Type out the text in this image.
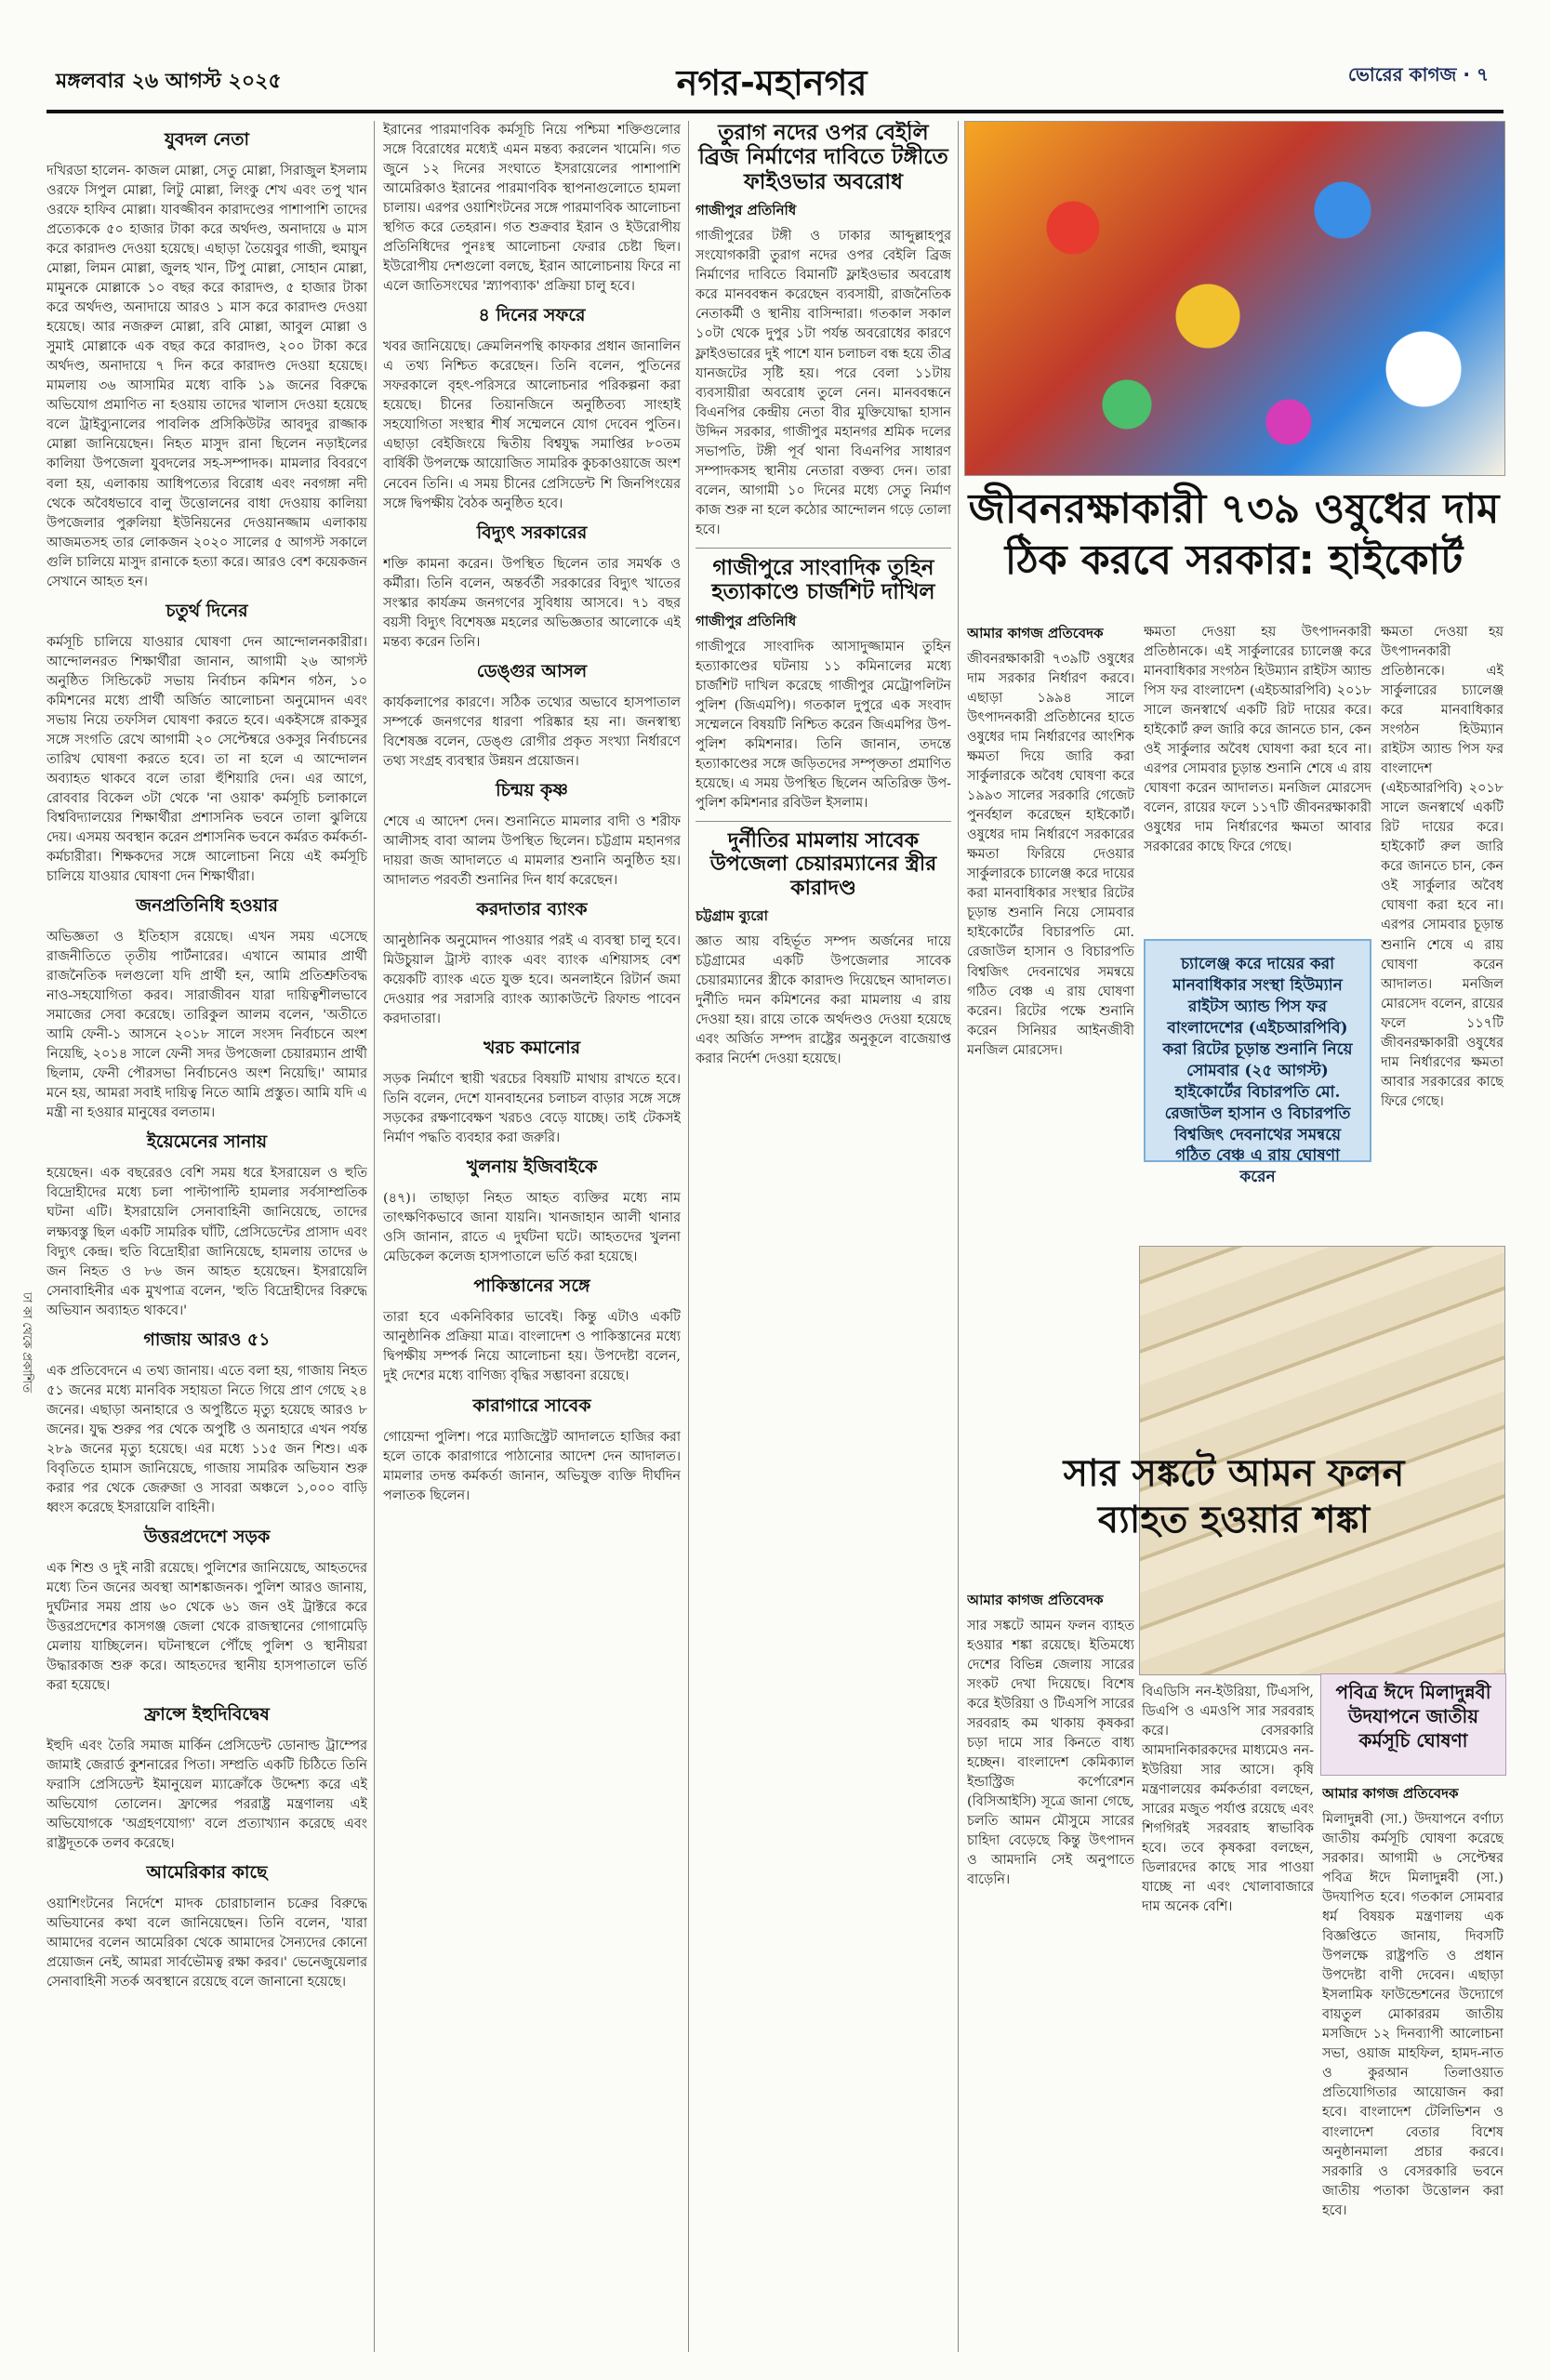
মঙ্গলবার ২৬ আগস্ট ২০২৫	নগর-মহানগর	ভোরের কাগজ · ৭
ঢা কা থেকে প্রকাশিত
যুবদল নেতা

দখিরডা হালেন- কাজল মোল্লা, সেতু মোল্লা, সিরাজুল ইসলাম ওরফে সিপুল মোল্লা, লিটু মোল্লা, লিংকু শেখ এবং তপু খান ওরফে হাফিব মোল্লা। যাবজ্জীবন কারাদণ্ডের পাশাপাশি তাদের প্রত্যেককে ৫০ হাজার টাকা করে অর্থদণ্ড, অনাদায়ে ৬ মাস করে কারাদণ্ড দেওয়া হয়েছে। এছাড়া তৈয়েবুর গাজী, হুমায়ুন মোল্লা, লিমন মোল্লা, জুলহ খান, টিপু মোল্লা, সোহান মোল্লা, মামুনকে মোল্লাকে ১০ বছর করে কারাদণ্ড, ৫ হাজার টাকা করে অর্থদণ্ড, অনাদায়ে আরও ১ মাস করে কারাদণ্ড দেওয়া হয়েছে। আর নজরুল মোল্লা, রবি মোল্লা, আবুল মোল্লা ও সুমাই মোল্লাকে এক বছর করে কারাদণ্ড, ২০০ টাকা করে অর্থদণ্ড, অনাদায়ে ৭ দিন করে কারাদণ্ড দেওয়া হয়েছে। মামলায় ৩৬ আসামির মধ্যে বাকি ১৯ জনের বিরুদ্ধে অভিযোগ প্রমাণিত না হওয়ায় তাদের খালাস দেওয়া হয়েছে বলে ট্রাইব্যুনালের পাবলিক প্রসিকিউটর আবদুর রাজ্জাক মোল্লা জানিয়েছেন। নিহত মাসুদ রানা ছিলেন নড়াইলের কালিয়া উপজেলা যুবদলের সহ-সম্পাদক। মামলার বিবরণে বলা হয়, এলাকায় আধিপত্যের বিরোধ এবং নবগঙ্গা নদী থেকে অবৈধভাবে বালু উত্তোলনের বাধা দেওয়ায় কালিয়া উপজেলার পুরুলিয়া ইউনিয়নের দেওয়ানজ্জাম এলাকায় আজমতসহ তার লোকজন ২০২০ সালের ৫ আগস্ট সকালে গুলি চালিয়ে মাসুদ রানাকে হত্যা করে। আরও বেশ কয়েকজন সেখানে আহত হন।

চতুর্থ দিনের

কর্মসূচি চালিয়ে যাওয়ার ঘোষণা দেন আন্দোলনকারীরা। আন্দোলনরত শিক্ষার্থীরা জানান, আগামী ২৬ আগস্ট অনুষ্ঠিত সিন্ডিকেট সভায় নির্বাচন কমিশন গঠন, ১০ কমিশনের মধ্যে প্রার্থী অর্জিত আলোচনা অনুমোদন এবং সভায় নিয়ে তফসিল ঘোষণা করতে হবে। একইসঙ্গে রাকসুর সঙ্গে সংগতি রেখে আগামী ২০ সেপ্টেম্বরে ওকসুর নির্বাচনের তারিখ ঘোষণা করতে হবে। তা না হলে এ আন্দোলন অব্যাহত থাকবে বলে তারা হুঁশিয়ারি দেন। এর আগে, রোববার বিকেল ৩টা থেকে 'না ওয়াক' কর্মসূচি চলাকালে বিশ্ববিদ্যালয়ের শিক্ষার্থীরা প্রশাসনিক ভবনে তালা ঝুলিয়ে দেয়। এসময় অবস্থান করেন প্রশাসনিক ভবনে কর্মরত কর্মকর্তা-কর্মচারীরা। শিক্ষকদের সঙ্গে আলোচনা নিয়ে এই কর্মসূচি চালিয়ে যাওয়ার ঘোষণা দেন শিক্ষার্থীরা।

জনপ্রতিনিধি হওয়ার

অভিজ্ঞতা ও ইতিহাস রয়েছে। এখন সময় এসেছে রাজনীতিতে তৃতীয় পার্টনারের। এখানে আমার প্রার্থী রাজনৈতিক দলগুলো যদি প্রার্থী হন, আমি প্রতিশ্রুতিবদ্ধ নাও-সহযোগিতা করব। সারাজীবন যারা দায়িত্বশীলভাবে সমাজের সেবা করেছে। তারিকুল আলম বলেন, 'অতীতে আমি ফেনী-১ আসনে ২০১৮ সালে সংসদ নির্বাচনে অংশ নিয়েছি, ২০১৪ সালে ফেনী সদর উপজেলা চেয়ারম্যান প্রার্থী ছিলাম, ফেনী পৌরসভা নির্বাচনেও অংশ নিয়েছি।' আমার মনে হয়, আমরা সবাই দায়িত্ব নিতে আমি প্রস্তুত। আমি যদি এ মন্ত্রী না হওয়ার মানুষের বলতাম।

ইয়েমেনের সানায়

হয়েছেন। এক বছরেরও বেশি সময় ধরে ইসরায়েল ও হুতি বিদ্রোহীদের মধ্যে চলা পাল্টাপাল্টি হামলার সর্বসাম্প্রতিক ঘটনা এটি। ইসরায়েলি সেনাবাহিনী জানিয়েছে, তাদের লক্ষ্যবস্তু ছিল একটি সামরিক ঘাঁটি, প্রেসিডেন্টের প্রাসাদ এবং বিদ্যুৎ কেন্দ্র। হুতি বিদ্রোহীরা জানিয়েছে, হামলায় তাদের ৬ জন নিহত ও ৮৬ জন আহত হয়েছেন। ইসরায়েলি সেনাবাহিনীর এক মুখপাত্র বলেন, 'হুতি বিদ্রোহীদের বিরুদ্ধে অভিযান অব্যাহত থাকবে।'

গাজায় আরও ৫১

এক প্রতিবেদনে এ তথ্য জানায়। এতে বলা হয়, গাজায় নিহত ৫১ জনের মধ্যে মানবিক সহায়তা নিতে গিয়ে প্রাণ গেছে ২৪ জনের। এছাড়া অনাহারে ও অপুষ্টিতে মৃত্যু হয়েছে আরও ৮ জনের। যুদ্ধ শুরুর পর থেকে অপুষ্টি ও অনাহারে এখন পর্যন্ত ২৮৯ জনের মৃত্যু হয়েছে। এর মধ্যে ১১৫ জন শিশু। এক বিবৃতিতে হামাস জানিয়েছে, গাজায় সামরিক অভিযান শুরু করার পর থেকে জেরুজা ও সাবরা অঞ্চলে ১,০০০ বাড়ি ধ্বংস করেছে ইসরায়েলি বাহিনী।

উত্তরপ্রদেশে সড়ক

এক শিশু ও দুই নারী রয়েছে। পুলিশের জানিয়েছে, আহতদের মধ্যে তিন জনের অবস্থা আশঙ্কাজনক। পুলিশ আরও জানায়, দুর্ঘটনার সময় প্রায় ৬০ থেকে ৬১ জন ওই ট্রাক্টরে করে উত্তরপ্রদেশের কাসগঞ্জ জেলা থেকে রাজস্থানের গোগামেড়ি মেলায় যাচ্ছিলেন। ঘটনাস্থলে পৌঁছে পুলিশ ও স্থানীয়রা উদ্ধারকাজ শুরু করে। আহতদের স্থানীয় হাসপাতালে ভর্তি করা হয়েছে।

ফ্রান্সে ইহুদিবিদ্বেষ

ইহুদি এবং তৈরি সমাজ মার্কিন প্রেসিডেন্ট ডোনাল্ড ট্রাম্পের জামাই জেরার্ড কুশনারের পিতা। সম্প্রতি একটি চিঠিতে তিনি ফরাসি প্রেসিডেন্ট ইমানুয়েল ম্যাক্রোঁকে উদ্দেশ্য করে এই অভিযোগ তোলেন। ফ্রান্সের পররাষ্ট্র মন্ত্রণালয় এই অভিযোগকে 'অগ্রহণযোগ্য' বলে প্রত্যাখ্যান করেছে এবং রাষ্ট্রদূতকে তলব করেছে।

আমেরিকার কাছে

ওয়াশিংটনের নির্দেশে মাদক চোরাচালান চক্রের বিরুদ্ধে অভিযানের কথা বলে জানিয়েছেন। তিনি বলেন, 'যারা আমাদের বলেন আমেরিকা থেকে আমাদের সৈন্যদের কোনো প্রয়োজন নেই, আমরা সার্বভৌমত্ব রক্ষা করব।' ভেনেজুয়েলার সেনাবাহিনী সতর্ক অবস্থানে রয়েছে বলে জানানো হয়েছে।

ইরানের পারমাণবিক কর্মসূচি নিয়ে পশ্চিমা শক্তিগুলোর সঙ্গে বিরোধের মধ্যেই এমন মন্তব্য করলেন খামেনি। গত জুনে ১২ দিনের সংঘাতে ইসরায়েলের পাশাপাশি আমেরিকাও ইরানের পারমাণবিক স্থাপনাগুলোতে হামলা চালায়। এরপর ওয়াশিংটনের সঙ্গে পারমাণবিক আলোচনা স্থগিত করে তেহরান। গত শুক্রবার ইরান ও ইউরোপীয় প্রতিনিধিদের পুনঃস্থ আলোচনা ফেরার চেষ্টা ছিল। ইউরোপীয় দেশগুলো বলছে, ইরান আলোচনায় ফিরে না এলে জাতিসংঘের 'স্ন্যাপব্যাক' প্রক্রিয়া চালু হবে।

৪ দিনের সফরে

খবর জানিয়েছে। ক্রেমলিনপন্থি কাফকার প্রধান জানালিন এ তথ্য নিশ্চিত করেছেন। তিনি বলেন, পুতিনের সফরকালে বৃহৎ-পরিসরে আলোচনার পরিকল্পনা করা হয়েছে। চীনের তিয়ানজিনে অনুষ্ঠিতব্য সাংহাই সহযোগিতা সংস্থার শীর্ষ সম্মেলনে যোগ দেবেন পুতিন। এছাড়া বেইজিংয়ে দ্বিতীয় বিশ্বযুদ্ধ সমাপ্তির ৮০তম বার্ষিকী উপলক্ষে আয়োজিত সামরিক কুচকাওয়াজে অংশ নেবেন তিনি। এ সময় চীনের প্রেসিডেন্ট শি জিনপিংয়ের সঙ্গে দ্বিপক্ষীয় বৈঠক অনুষ্ঠিত হবে।

বিদ্যুৎ সরকারের

শক্তি কামনা করেন। উপস্থিত ছিলেন তার সমর্থক ও কর্মীরা। তিনি বলেন, অন্তর্বর্তী সরকারের বিদ্যুৎ খাতের সংস্কার কার্যক্রম জনগণের সুবিধায় আসবে। ৭১ বছর বয়সী বিদ্যুৎ বিশেষজ্ঞ মহলের অভিজ্ঞতার আলোকে এই মন্তব্য করেন তিনি।

ডেঙ্গুর আসল

কার্যকলাপের কারণে। সঠিক তথ্যের অভাবে হাসপাতাল সম্পর্কে জনগণের ধারণা পরিষ্কার হয় না। জনস্বাস্থ্য বিশেষজ্ঞ বলেন, ডেঙ্গু রোগীর প্রকৃত সংখ্যা নির্ধারণে তথ্য সংগ্রহ ব্যবস্থার উন্নয়ন প্রয়োজন।

চিন্ময় কৃষ্ণ

শেষে এ আদেশ দেন। শুনানিতে মামলার বাদী ও শরীফ আলীসহ বাবা আলম উপস্থিত ছিলেন। চট্টগ্রাম মহানগর দায়রা জজ আদালতে এ মামলার শুনানি অনুষ্ঠিত হয়। আদালত পরবর্তী শুনানির দিন ধার্য করেছেন।

করদাতার ব্যাংক

আনুষ্ঠানিক অনুমোদন পাওয়ার পরই এ ব্যবস্থা চালু হবে। মিউচুয়াল ট্রাস্ট ব্যাংক এবং ব্যাংক এশিয়াসহ বেশ কয়েকটি ব্যাংক এতে যুক্ত হবে। অনলাইনে রিটার্ন জমা দেওয়ার পর সরাসরি ব্যাংক অ্যাকাউন্টে রিফান্ড পাবেন করদাতারা।

খরচ কমানোর

সড়ক নির্মাণে স্থায়ী খরচের বিষয়টি মাথায় রাখতে হবে। তিনি বলেন, দেশে যানবাহনের চলাচল বাড়ার সঙ্গে সঙ্গে সড়কের রক্ষণাবেক্ষণ খরচও বেড়ে যাচ্ছে। তাই টেকসই নির্মাণ পদ্ধতি ব্যবহার করা জরুরি।

খুলনায় ইজিবাইকে

(৪৭)। তাছাড়া নিহত আহত ব্যক্তির মধ্যে নাম তাৎক্ষণিকভাবে জানা যায়নি। খানজাহান আলী থানার ওসি জানান, রাতে এ দুর্ঘটনা ঘটে। আহতদের খুলনা মেডিকেল কলেজ হাসপাতালে ভর্তি করা হয়েছে।

পাকিস্তানের সঙ্গে

তারা হবে একনিবিকার ভাবেই। কিন্তু এটাও একটি আনুষ্ঠানিক প্রক্রিয়া মাত্র। বাংলাদেশ ও পাকিস্তানের মধ্যে দ্বিপক্ষীয় সম্পর্ক নিয়ে আলোচনা হয়। উপদেষ্টা বলেন, দুই দেশের মধ্যে বাণিজ্য বৃদ্ধির সম্ভাবনা রয়েছে।

কারাগারে সাবেক

গোয়েন্দা পুলিশ। পরে ম্যাজিস্ট্রেট আদালতে হাজির করা হলে তাকে কারাগারে পাঠানোর আদেশ দেন আদালত। মামলার তদন্ত কর্মকর্তা জানান, অভিযুক্ত ব্যক্তি দীর্ঘদিন পলাতক ছিলেন।

তুরাগ নদের ওপর বেইলি ব্রিজ নির্মাণের দাবিতে টঙ্গীতে ফাইওভার অবরোধ
গাজীপুর প্রতিনিধি

গাজীপুরের টঙ্গী ও ঢাকার আব্দুল্লাহপুর সংযোগকারী তুরাগ নদের ওপর বেইলি ব্রিজ নির্মাণের দাবিতে বিমানটি ফ্লাইওভার অবরোধ করে মানববন্ধন করেছেন ব্যবসায়ী, রাজনৈতিক নেতাকর্মী ও স্থানীয় বাসিন্দারা। গতকাল সকাল ১০টা থেকে দুপুর ১টা পর্যন্ত অবরোধের কারণে ফ্লাইওভারের দুই পাশে যান চলাচল বন্ধ হয়ে তীব্র যানজটের সৃষ্টি হয়। পরে বেলা ১১টায় ব্যবসায়ীরা অবরোধ তুলে নেন। মানববন্ধনে বিএনপির কেন্দ্রীয় নেতা বীর মুক্তিযোদ্ধা হাসান উদ্দিন সরকার, গাজীপুর মহানগর শ্রমিক দলের সভাপতি, টঙ্গী পূর্ব থানা বিএনপির সাধারণ সম্পাদকসহ স্থানীয় নেতারা বক্তব্য দেন। তারা বলেন, আগামী ১০ দিনের মধ্যে সেতু নির্মাণ কাজ শুরু না হলে কঠোর আন্দোলন গড়ে তোলা হবে।

গাজীপুরে সাংবাদিক তুহিন হত্যাকাণ্ডে চার্জশিট দাখিল
গাজীপুর প্রতিনিধি

গাজীপুরে সাংবাদিক আসাদুজ্জামান তুহিন হত্যাকাণ্ডের ঘটনায় ১১ কমিনালের মধ্যে চার্জশিট দাখিল করেছে গাজীপুর মেট্রোপলিটন পুলিশ (জিএমপি)। গতকাল দুপুরে এক সংবাদ সম্মেলনে বিষয়টি নিশ্চিত করেন জিএমপির উপ-পুলিশ কমিশনার। তিনি জানান, তদন্তে হত্যাকাণ্ডের সঙ্গে জড়িতদের সম্পৃক্ততা প্রমাণিত হয়েছে। এ সময় উপস্থিত ছিলেন অতিরিক্ত উপ-পুলিশ কমিশনার রবিউল ইসলাম।

দুর্নীতির মামলায় সাবেক উপজেলা চেয়ারম্যানের স্ত্রীর কারাদণ্ড
চট্টগ্রাম ব্যুরো

জ্ঞাত আয় বহির্ভূত সম্পদ অর্জনের দায়ে চট্টগ্রামের একটি উপজেলার সাবেক চেয়ারম্যানের স্ত্রীকে কারাদণ্ড দিয়েছেন আদালত। দুর্নীতি দমন কমিশনের করা মামলায় এ রায় দেওয়া হয়। রায়ে তাকে অর্থদণ্ডও দেওয়া হয়েছে এবং অর্জিত সম্পদ রাষ্ট্রের অনুকূলে বাজেয়াপ্ত করার নির্দেশ দেওয়া হয়েছে।

জীবনরক্ষাকারী ৭৩৯ ওষুধের দাম
ঠিক করবে সরকার: হাইকোর্ট
আমার কাগজ প্রতিবেদক

জীবনরক্ষাকারী ৭৩৯টি ওষুধের দাম সরকার নির্ধারণ করবে। এছাড়া ১৯৯৪ সালে উৎপাদনকারী প্রতিষ্ঠানের হাতে ওষুধের দাম নির্ধারণের আংশিক ক্ষমতা দিয়ে জারি করা সার্কুলারকে অবৈধ ঘোষণা করে ১৯৯৩ সালের সরকারি গেজেট পুনর্বহাল করেছেন হাইকোর্ট। ওষুধের দাম নির্ধারণে সরকারের ক্ষমতা ফিরিয়ে দেওয়ার সার্কুলারকে চ্যালেঞ্জ করে দায়ের করা মানবাধিকার সংস্থার রিটের চূড়ান্ত শুনানি নিয়ে সোমবার হাইকোর্টের বিচারপতি মো. রেজাউল হাসান ও বিচারপতি বিশ্বজিৎ দেবনাথের সমন্বয়ে গঠিত বেঞ্চ এ রায় ঘোষণা করেন। রিটের পক্ষে শুনানি করেন সিনিয়র আইনজীবী মনজিল মোরসেদ।

চ্যালেঞ্জ করে দায়ের করা মানবাধিকার সংস্থা হিউম্যান রাইটস অ্যান্ড পিস ফর বাংলাদেশের (এইচআরপিবি) করা রিটের চূড়ান্ত শুনানি নিয়ে সোমবার (২৫ আগস্ট) হাইকোর্টের বিচারপতি মো. রেজাউল হাসান ও বিচারপতি বিশ্বজিৎ দেবনাথের সমন্বয়ে গঠিত বেঞ্চ এ রায় ঘোষণা করেন

ক্ষমতা দেওয়া হয় উৎপাদনকারী প্রতিষ্ঠানকে। এই সার্কুলারের চ্যালেঞ্জ করে মানবাধিকার সংগঠন হিউম্যান রাইটস অ্যান্ড পিস ফর বাংলাদেশ (এইচআরপিবি) ২০১৮ সালে জনস্বার্থে একটি রিট দায়ের করে। হাইকোর্ট রুল জারি করে জানতে চান, কেন ওই সার্কুলার অবৈধ ঘোষণা করা হবে না। এরপর সোমবার চূড়ান্ত শুনানি শেষে এ রায় ঘোষণা করেন আদালত। মনজিল মোরসেদ বলেন, রায়ের ফলে ১১৭টি জীবনরক্ষাকারী ওষুধের দাম নির্ধারণের ক্ষমতা আবার সরকারের কাছে ফিরে গেছে।

ক্ষমতা দেওয়া হয় উৎপাদনকারী প্রতিষ্ঠানকে। এই সার্কুলারের চ্যালেঞ্জ করে মানবাধিকার সংগঠন হিউম্যান রাইটস অ্যান্ড পিস ফর বাংলাদেশ (এইচআরপিবি) ২০১৮ সালে জনস্বার্থে একটি রিট দায়ের করে। হাইকোর্ট রুল জারি করে জানতে চান, কেন ওই সার্কুলার অবৈধ ঘোষণা করা হবে না। এরপর সোমবার চূড়ান্ত শুনানি শেষে এ রায় ঘোষণা করেন আদালত। মনজিল মোরসেদ বলেন, রায়ের ফলে ১১৭টি জীবনরক্ষাকারী ওষুধের দাম নির্ধারণের ক্ষমতা আবার সরকারের কাছে ফিরে গেছে।

সার সঙ্কটে আমন ফলন
ব্যাহত হওয়ার শঙ্কা
আমার কাগজ প্রতিবেদক

সার সঙ্কটে আমন ফলন ব্যাহত হওয়ার শঙ্কা রয়েছে। ইতিমধ্যে দেশের বিভিন্ন জেলায় সারের সংকট দেখা দিয়েছে। বিশেষ করে ইউরিয়া ও টিএসপি সারের সরবরাহ কম থাকায় কৃষকরা চড়া দামে সার কিনতে বাধ্য হচ্ছেন। বাংলাদেশ কেমিক্যাল ইন্ডাস্ট্রিজ কর্পোরেশন (বিসিআইসি) সূত্রে জানা গেছে, চলতি আমন মৌসুমে সারের চাহিদা বেড়েছে কিন্তু উৎপাদন ও আমদানি সেই অনুপাতে বাড়েনি।

বিএডিসি নন-ইউরিয়া, টিএসপি, ডিএপি ও এমওপি সার সরবরাহ করে। বেসরকারি আমদানিকারকদের মাধ্যমেও নন-ইউরিয়া সার আসে। কৃষি মন্ত্রণালয়ের কর্মকর্তারা বলছেন, সারের মজুত পর্যাপ্ত রয়েছে এবং শিগগিরই সরবরাহ স্বাভাবিক হবে। তবে কৃষকরা বলছেন, ডিলারদের কাছে সার পাওয়া যাচ্ছে না এবং খোলাবাজারে দাম অনেক বেশি।

পবিত্র ঈদে মিলাদুন্নবী উদযাপনে জাতীয় কর্মসূচি ঘোষণা
আমার কাগজ প্রতিবেদক

মিলাদুন্নবী (সা.) উদযাপনে বর্ণাঢ্য জাতীয় কর্মসূচি ঘোষণা করেছে সরকার। আগামী ৬ সেপ্টেম্বর পবিত্র ঈদে মিলাদুন্নবী (সা.) উদযাপিত হবে। গতকাল সোমবার ধর্ম বিষয়ক মন্ত্রণালয় এক বিজ্ঞপ্তিতে জানায়, দিবসটি উপলক্ষে রাষ্ট্রপতি ও প্রধান উপদেষ্টা বাণী দেবেন। এছাড়া ইসলামিক ফাউন্ডেশনের উদ্যোগে বায়তুল মোকাররম জাতীয় মসজিদে ১২ দিনব্যাপী আলোচনা সভা, ওয়াজ মাহফিল, হামদ-নাত ও কুরআন তিলাওয়াত প্রতিযোগিতার আয়োজন করা হবে। বাংলাদেশ টেলিভিশন ও বাংলাদেশ বেতার বিশেষ অনুষ্ঠানমালা প্রচার করবে। সরকারি ও বেসরকারি ভবনে জাতীয় পতাকা উত্তোলন করা হবে।
